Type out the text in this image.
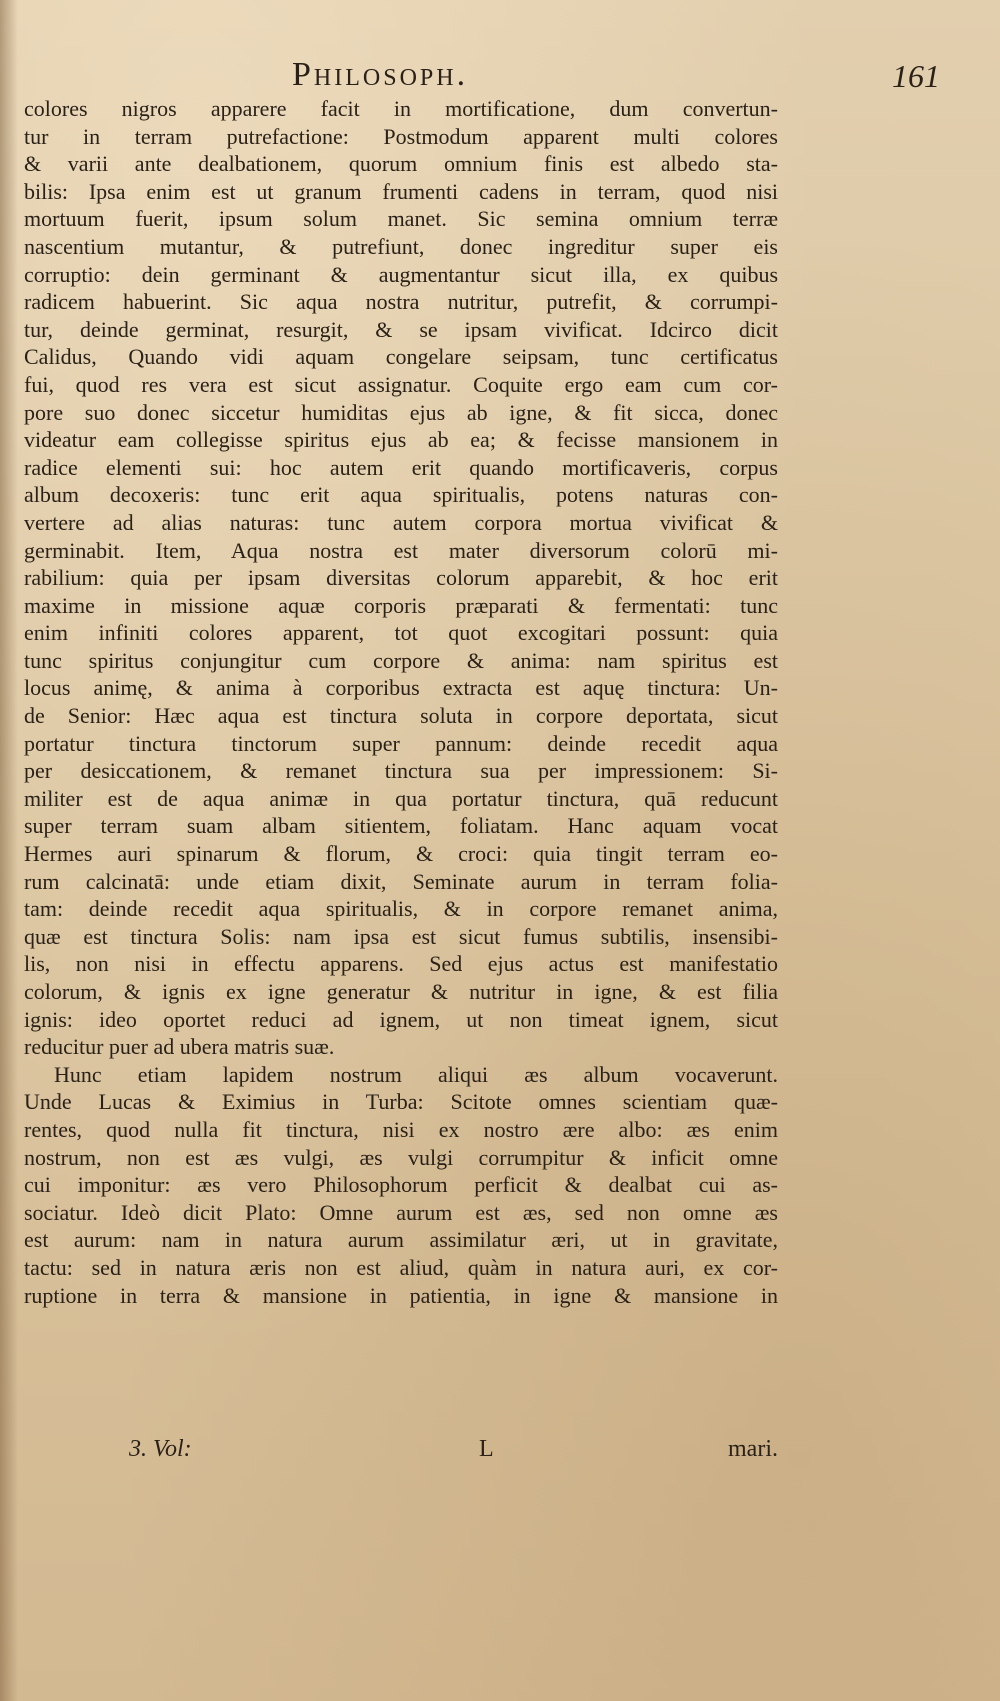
Philosoph.	161
colores nigros apparere facit in mortificatione, dum convertun-
tur in terram putrefactione: Postmodum apparent multi colores
& varii ante dealbationem, quorum omnium finis est albedo sta-
bilis: Ipsa enim est ut granum frumenti cadens in terram, quod nisi
mortuum fuerit, ipsum solum manet. Sic semina omnium terræ
nascentium mutantur, & putrefiunt, donec ingreditur super eis
corruptio: dein germinant & augmentantur sicut illa, ex quibus
radicem habuerint. Sic aqua nostra nutritur, putrefit, & corrumpi-
tur, deinde germinat, resurgit, & se ipsam vivificat. Idcirco dicit
Calidus, Quando vidi aquam congelare seipsam, tunc certificatus
fui, quod res vera est sicut assignatur. Coquite ergo eam cum cor-
pore suo donec siccetur humiditas ejus ab igne, & fit sicca, donec
videatur eam collegisse spiritus ejus ab ea; & fecisse mansionem in
radice elementi sui: hoc autem erit quando mortificaveris, corpus
album decoxeris: tunc erit aqua spiritualis, potens naturas con-
vertere ad alias naturas: tunc autem corpora mortua vivificat &
germinabit. Item, Aqua nostra est mater diversorum colorū mi-
rabilium: quia per ipsam diversitas colorum apparebit, & hoc erit
maxime in missione aquæ corporis præparati & fermentati: tunc
enim infiniti colores apparent, tot quot excogitari possunt: quia
tunc spiritus conjungitur cum corpore & anima: nam spiritus est
locus animę, & anima à corporibus extracta est aquę tinctura: Un-
de Senior: Hæc aqua est tinctura soluta in corpore deportata, sicut
portatur tinctura tinctorum super pannum: deinde recedit aqua
per desiccationem, & remanet tinctura sua per impressionem: Si-
militer est de aqua animæ in qua portatur tinctura, quā reducunt
super terram suam albam sitientem, foliatam. Hanc aquam vocat
Hermes auri spinarum & florum, & croci: quia tingit terram eo-
rum calcinatā: unde etiam dixit, Seminate aurum in terram folia-
tam: deinde recedit aqua spiritualis, & in corpore remanet anima,
quæ est tinctura Solis: nam ipsa est sicut fumus subtilis, insensibi-
lis, non nisi in effectu apparens. Sed ejus actus est manifestatio
colorum, & ignis ex igne generatur & nutritur in igne, & est filia
ignis: ideo oportet reduci ad ignem, ut non timeat ignem, sicut
reducitur puer ad ubera matris suæ.
Hunc etiam lapidem nostrum aliqui æs album vocaverunt.
Unde Lucas & Eximius in Turba: Scitote omnes scientiam quæ-
rentes, quod nulla fit tinctura, nisi ex nostro ære albo: æs enim
nostrum, non est æs vulgi, æs vulgi corrumpitur & inficit omne
cui imponitur: æs vero Philosophorum perficit & dealbat cui as-
sociatur. Ideò dicit Plato: Omne aurum est æs, sed non omne æs
est aurum: nam in natura aurum assimilatur æri, ut in gravitate,
tactu: sed in natura æris non est aliud, quàm in natura auri, ex cor-
ruptione in terra & mansione in patientia, in igne & mansione in
3. Vol:	L	mari.
